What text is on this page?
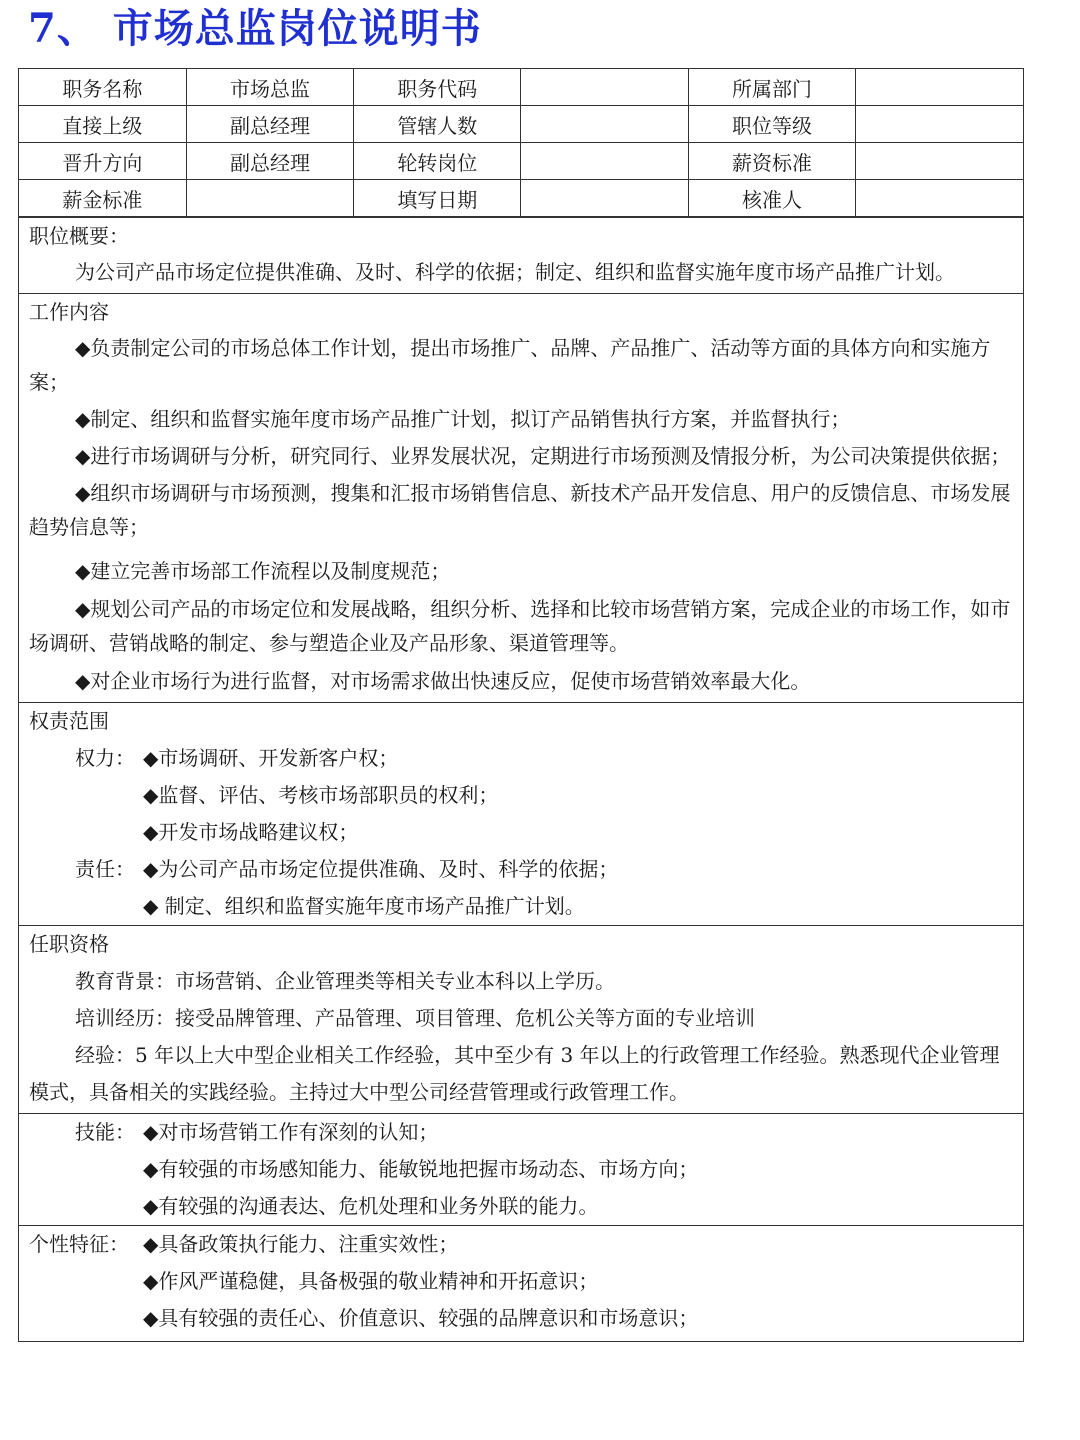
7、 市场总监岗位说明书
职务名称	市场总监	职务代码		所属部门	
直接上级	副总经理	管辖人数		职位等级	
晋升方向	副总经理	轮转岗位		薪资标准	
薪金标准		填写日期		核准人	
职位概要：
为公司产品市场定位提供准确、及时、科学的依据；制定、组织和监督实施年度市场产品推广计划。
工作内容
◆负责制定公司的市场总体工作计划，提出市场推广、品牌、产品推广、活动等方面的具体方向和实施方案；
◆制定、组织和监督实施年度市场产品推广计划，拟订产品销售执行方案，并监督执行；
◆进行市场调研与分析，研究同行、业界发展状况，定期进行市场预测及情报分析，为公司决策提供依据；
◆组织市场调研与市场预测，搜集和汇报市场销售信息、新技术产品开发信息、用户的反馈信息、市场发展趋势信息等；
◆建立完善市场部工作流程以及制度规范；
◆规划公司产品的市场定位和发展战略，组织分析、选择和比较市场营销方案，完成企业的市场工作，如市场调研、营销战略的制定、参与塑造企业及产品形象、渠道管理等。
◆对企业市场行为进行监督，对市场需求做出快速反应，促使市场营销效率最大化。
权责范围
权力： ◆市场调研、开发新客户权；
◆监督、评估、考核市场部职员的权利；
◆开发市场战略建议权；
责任： ◆为公司产品市场定位提供准确、及时、科学的依据；
◆ 制定、组织和监督实施年度市场产品推广计划。
任职资格
教育背景：市场营销、企业管理类等相关专业本科以上学历。
培训经历：接受品牌管理、产品管理、项目管理、危机公关等方面的专业培训
经验：5 年以上大中型企业相关工作经验，其中至少有 3 年以上的行政管理工作经验。熟悉现代企业管理模式，具备相关的实践经验。主持过大中型公司经营管理或行政管理工作。
技能： ◆对市场营销工作有深刻的认知；
◆有较强的市场感知能力、能敏锐地把握市场动态、市场方向；
◆有较强的沟通表达、危机处理和业务外联的能力。
个性特征： ◆具备政策执行能力、注重实效性；
◆作风严谨稳健，具备极强的敬业精神和开拓意识；
◆具有较强的责任心、价值意识、较强的品牌意识和市场意识；
